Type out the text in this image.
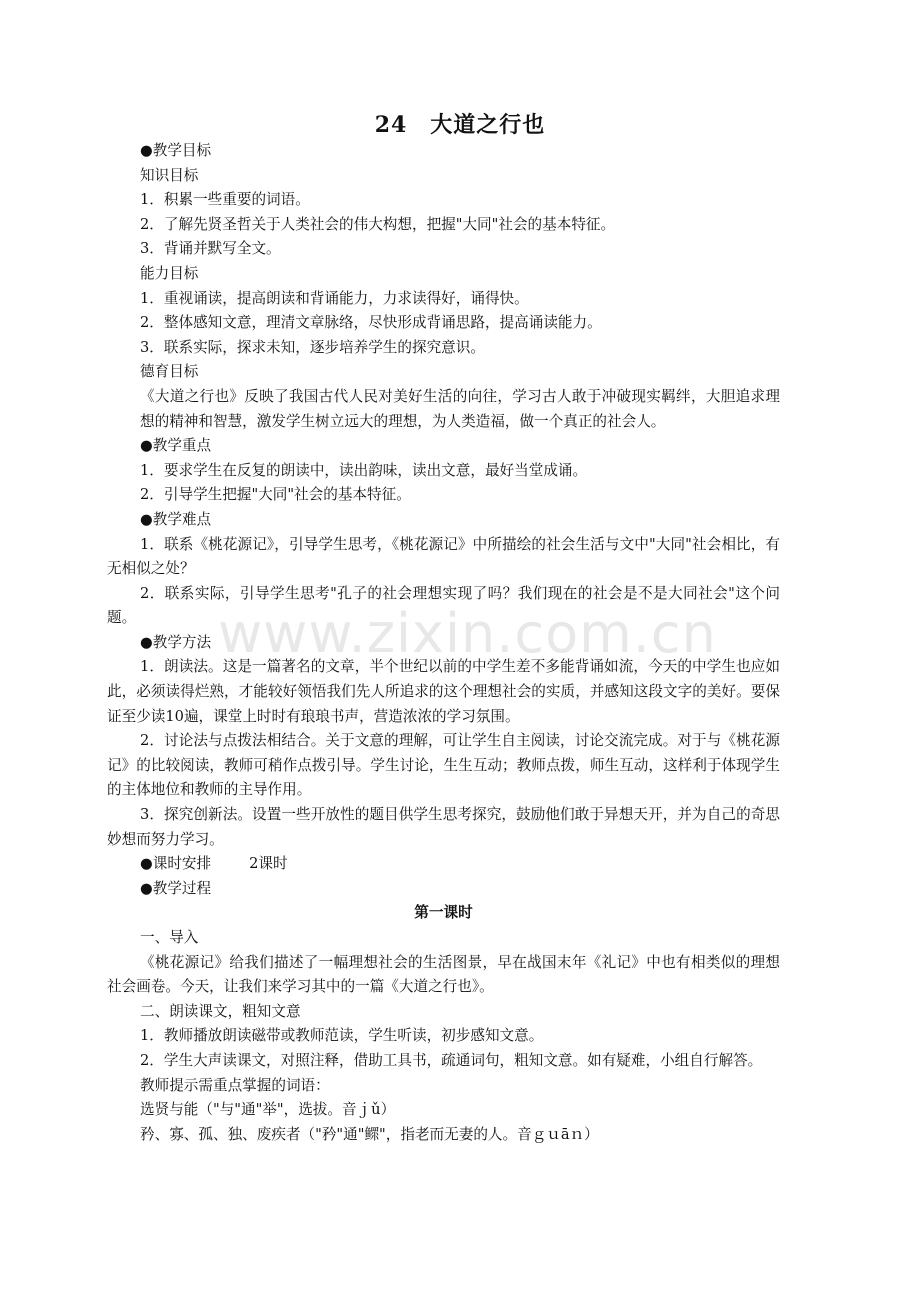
24　大道之行也

●教学目标

知识目标

1．积累一些重要的词语。

2．了解先贤圣哲关于人类社会的伟大构想，把握"大同"社会的基本特征。

3．背诵并默写全文。

能力目标

1．重视诵读，提高朗读和背诵能力，力求读得好，诵得快。

2．整体感知文意，理清文章脉络，尽快形成背诵思路，提高诵读能力。

3．联系实际，探求未知，逐步培养学生的探究意识。

德育目标

《大道之行也》反映了我国古代人民对美好生活的向往，学习古人敢于冲破现实羁绊，大胆追求理想的精神和智慧，激发学生树立远大的理想，为人类造福，做一个真正的社会人。

●教学重点

1．要求学生在反复的朗读中，读出韵味，读出文意，最好当堂成诵。

2．引导学生把握"大同"社会的基本特征。

●教学难点

1．联系《桃花源记》，引导学生思考，《桃花源记》中所描绘的社会生活与文中"大同"社会相比，有无相似之处？

2．联系实际，引导学生思考"孔子的社会理想实现了吗？我们现在的社会是不是大同社会"这个问题。

●教学方法

1．朗读法。这是一篇著名的文章，半个世纪以前的中学生差不多能背诵如流，今天的中学生也应如此，必须读得烂熟，才能较好领悟我们先人所追求的这个理想社会的实质，并感知这段文字的美好。要保证至少读10遍，课堂上时时有琅琅书声，营造浓浓的学习氛围。

2．讨论法与点拨法相结合。关于文意的理解，可让学生自主阅读，讨论交流完成。对于与《桃花源记》的比较阅读，教师可稍作点拨引导。学生讨论，生生互动；教师点拨，师生互动，这样利于体现学生的主体地位和教师的主导作用。

3．探究创新法。设置一些开放性的题目供学生思考探究，鼓励他们敢于异想天开，并为自己的奇思妙想而努力学习。

●课时安排	2课时

●教学过程

第一课时

一、导入

《桃花源记》给我们描述了一幅理想社会的生活图景，早在战国末年《礼记》中也有相类似的理想社会画卷。今天，让我们来学习其中的一篇《大道之行也》。

二、朗读课文，粗知文意

1．教师播放朗读磁带或教师范读，学生听读，初步感知文意。

2．学生大声读课文，对照注释，借助工具书，疏通词句，粗知文意。如有疑难，小组自行解答。

教师提示需重点掌握的词语：

选贤与能（"与"通"举"，选拔。音ｊǔ）

矜、寡、孤、独、废疾者（"矜"通"鳏"，指老而无妻的人。音ｇｕāｎ）

www.zixin.com.cn
